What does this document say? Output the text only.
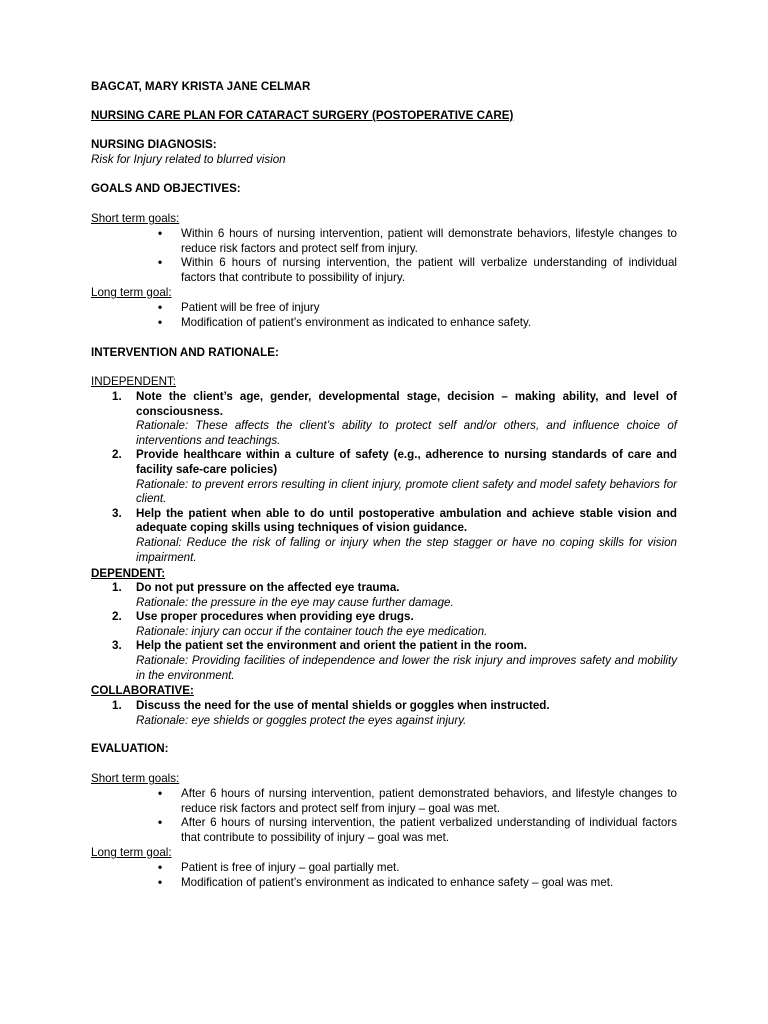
BAGCAT, MARY KRISTA JANE CELMAR

NURSING CARE PLAN FOR CATARACT SURGERY (POSTOPERATIVE CARE)

NURSING DIAGNOSIS:

Risk for Injury related to blurred vision

GOALS AND OBJECTIVES:

Short term goals:

• Within 6 hours of nursing intervention, patient will demonstrate behaviors, lifestyle changes to reduce risk factors and protect self from injury.
• Within 6 hours of nursing intervention, the patient will verbalize understanding of individual factors that contribute to possibility of injury.

Long term goal:

• Patient will be free of injury
• Modification of patient’s environment as indicated to enhance safety.

INTERVENTION AND RATIONALE:

INDEPENDENT:

1. Note the client’s age, gender, developmental stage, decision – making ability, and level of consciousness.
Rationale: These affects the client’s ability to protect self and/or others, and influence choice of interventions and teachings.
2. Provide healthcare within a culture of safety (e.g., adherence to nursing standards of care and facility safe-care policies)
Rationale: to prevent errors resulting in client injury, promote client safety and model safety behaviors for client.
3. Help the patient when able to do until postoperative ambulation and achieve stable vision and adequate coping skills using techniques of vision guidance.
Rational: Reduce the risk of falling or injury when the step stagger or have no coping skills for vision impairment.

DEPENDENT:

1. Do not put pressure on the affected eye trauma.
Rationale: the pressure in the eye may cause further damage.
2. Use proper procedures when providing eye drugs.
Rationale: injury can occur if the container touch the eye medication.
3. Help the patient set the environment and orient the patient in the room.
Rationale: Providing facilities of independence and lower the risk injury and improves safety and mobility in the environment.

COLLABORATIVE:

1. Discuss the need for the use of mental shields or goggles when instructed.
Rationale: eye shields or goggles protect the eyes against injury.

EVALUATION:

Short term goals:

• After 6 hours of nursing intervention, patient demonstrated behaviors, and lifestyle changes to reduce risk factors and protect self from injury – goal was met.
• After 6 hours of nursing intervention, the patient verbalized understanding of individual factors that contribute to possibility of injury – goal was met.

Long term goal:

• Patient is free of injury – goal partially met.
• Modification of patient’s environment as indicated to enhance safety – goal was met.
